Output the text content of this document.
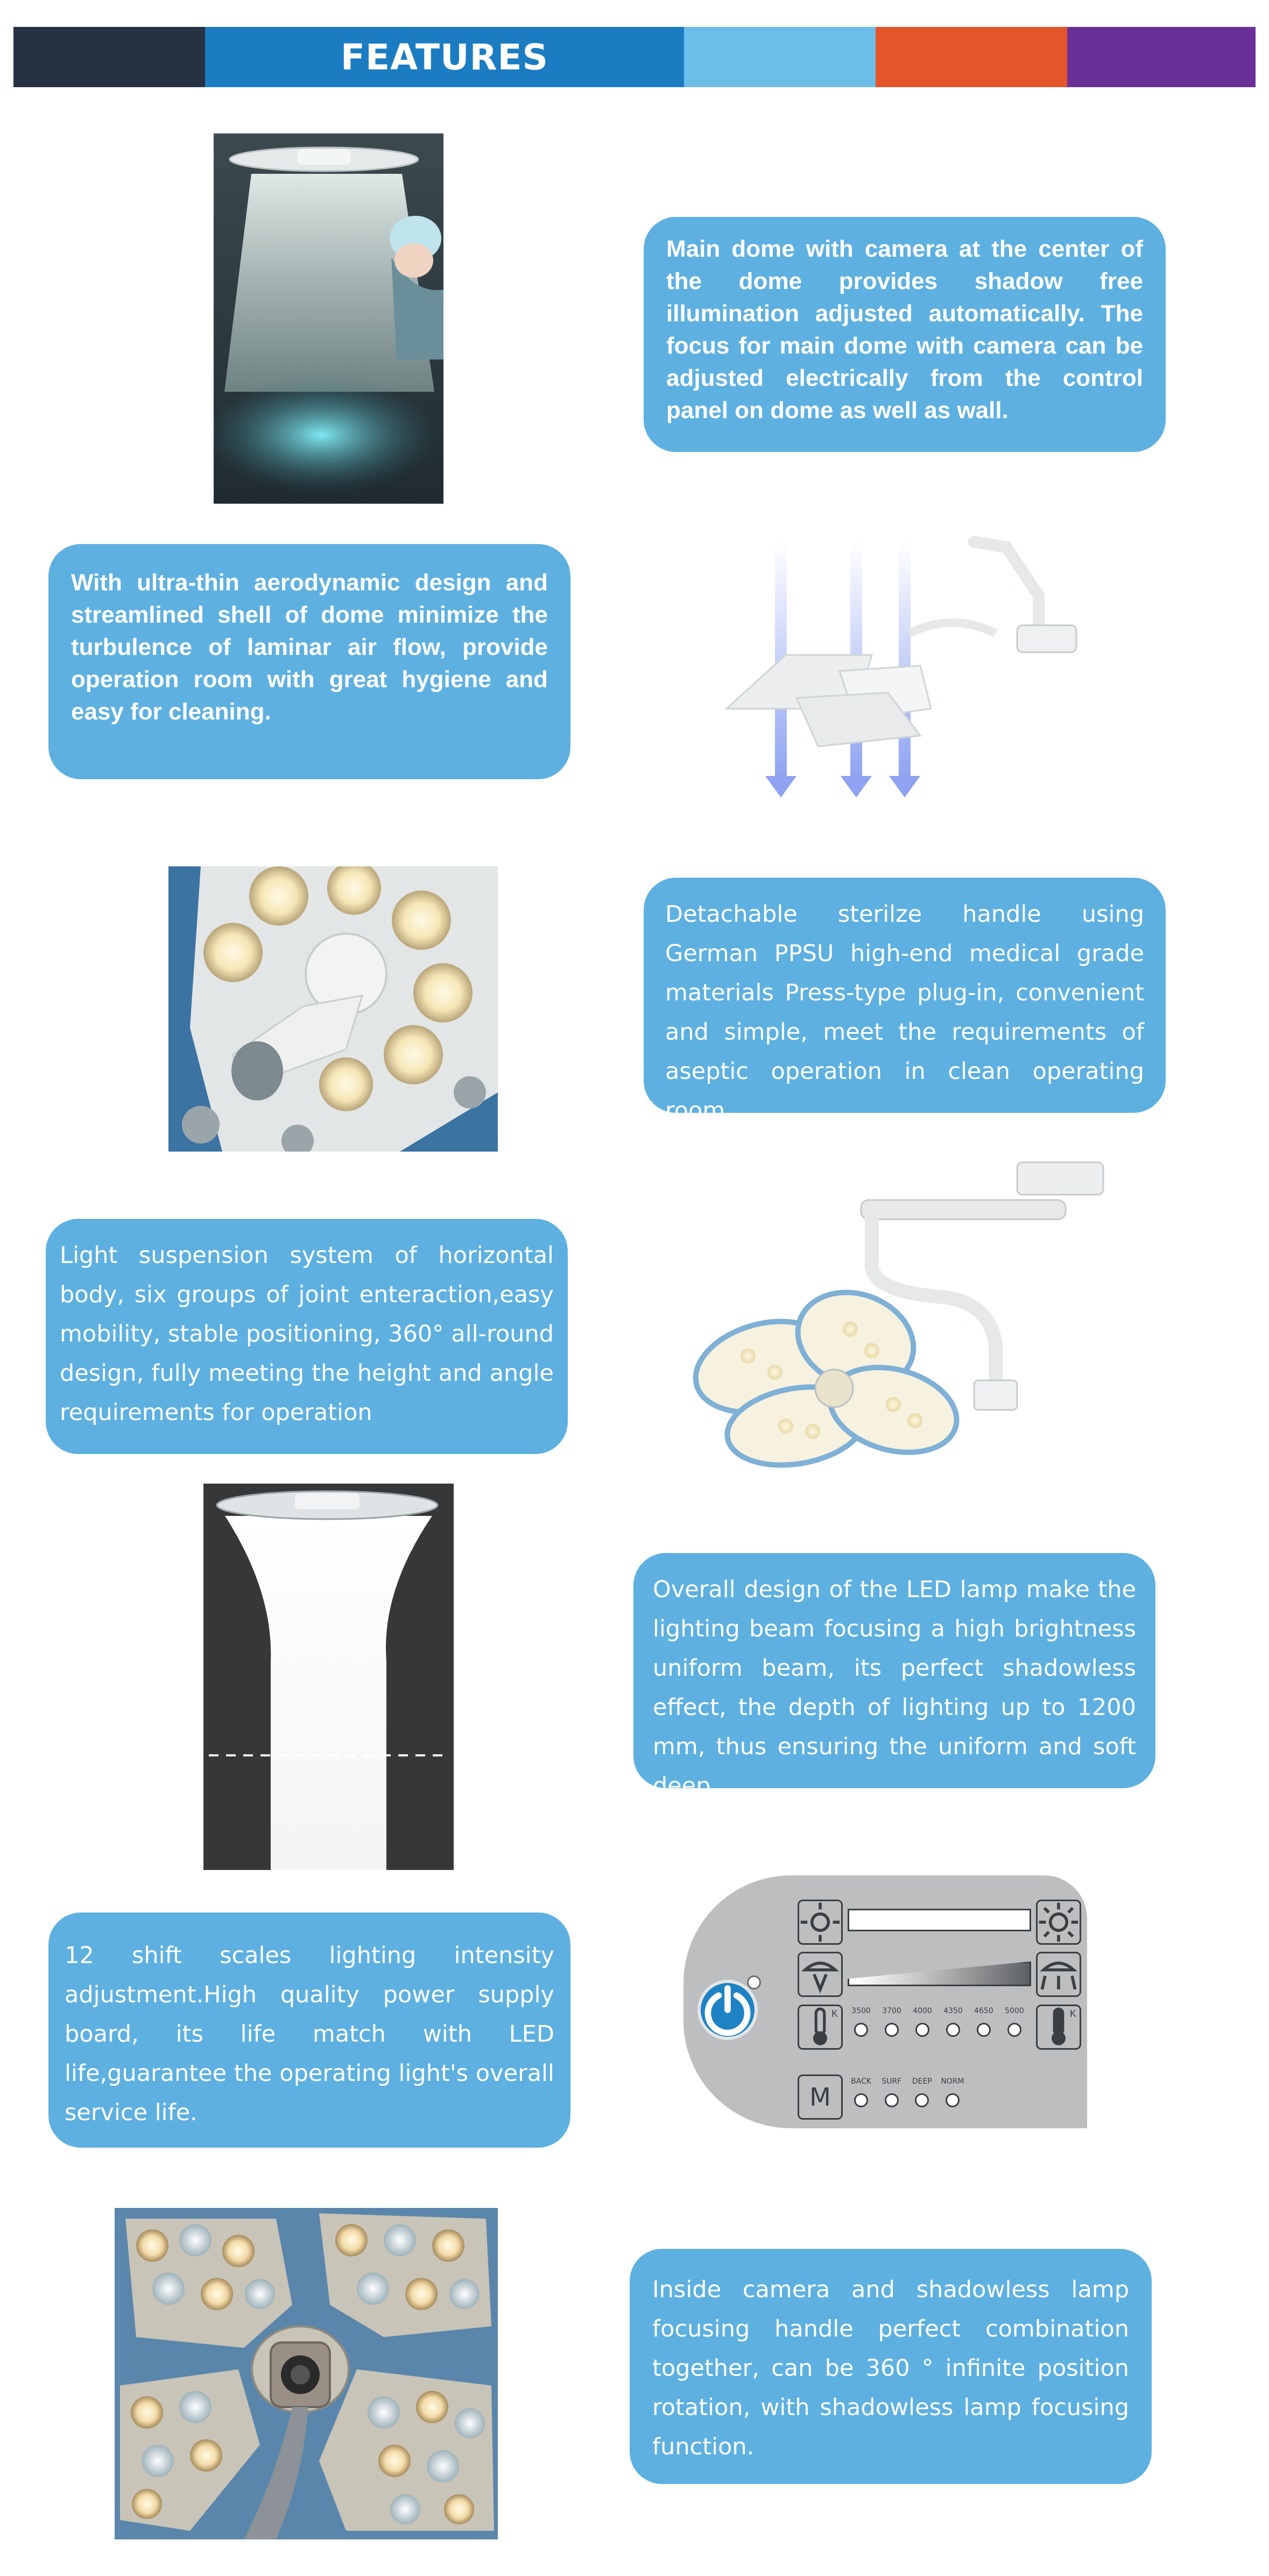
FEATURES

Main dome with camera at the center of the dome provides shadow free illumination adjusted automatically. The focus for main dome with camera can be adjusted electrically from the control panel on dome as well as wall.

With ultra-thin aerodynamic design and streamlined shell of dome minimize the turbulence of laminar air flow, provide operation room with great hygiene and easy for cleaning.

Detachable sterilze handle using German PPSU high-end medical grade materials Press-type plug-in, convenient and simple, meet the requirements of aseptic operation in clean operating room.

Light suspension system of horizontal body, six groups of joint enteraction,easy mobility, stable positioning, 360° all-round design, fully meeting the height and angle requirements for operation

Overall design of the LED lamp make the lighting beam focusing a high brightness uniform beam, its perfect shadowless effect, the depth of lighting up to 1200 mm, thus ensuring the uniform and soft deep.

12 shift scales lighting intensity adjustment.High quality power supply board, its life match with LED life,guarantee the operating light's overall service life.

K 3500 3700 4000 4350 4650 5000	K
M
BACK SURF DEEP NORM

Inside camera and shadowless lamp focusing handle perfect combination together, can be 360 ° infinite position rotation, with shadowless lamp focusing function.
